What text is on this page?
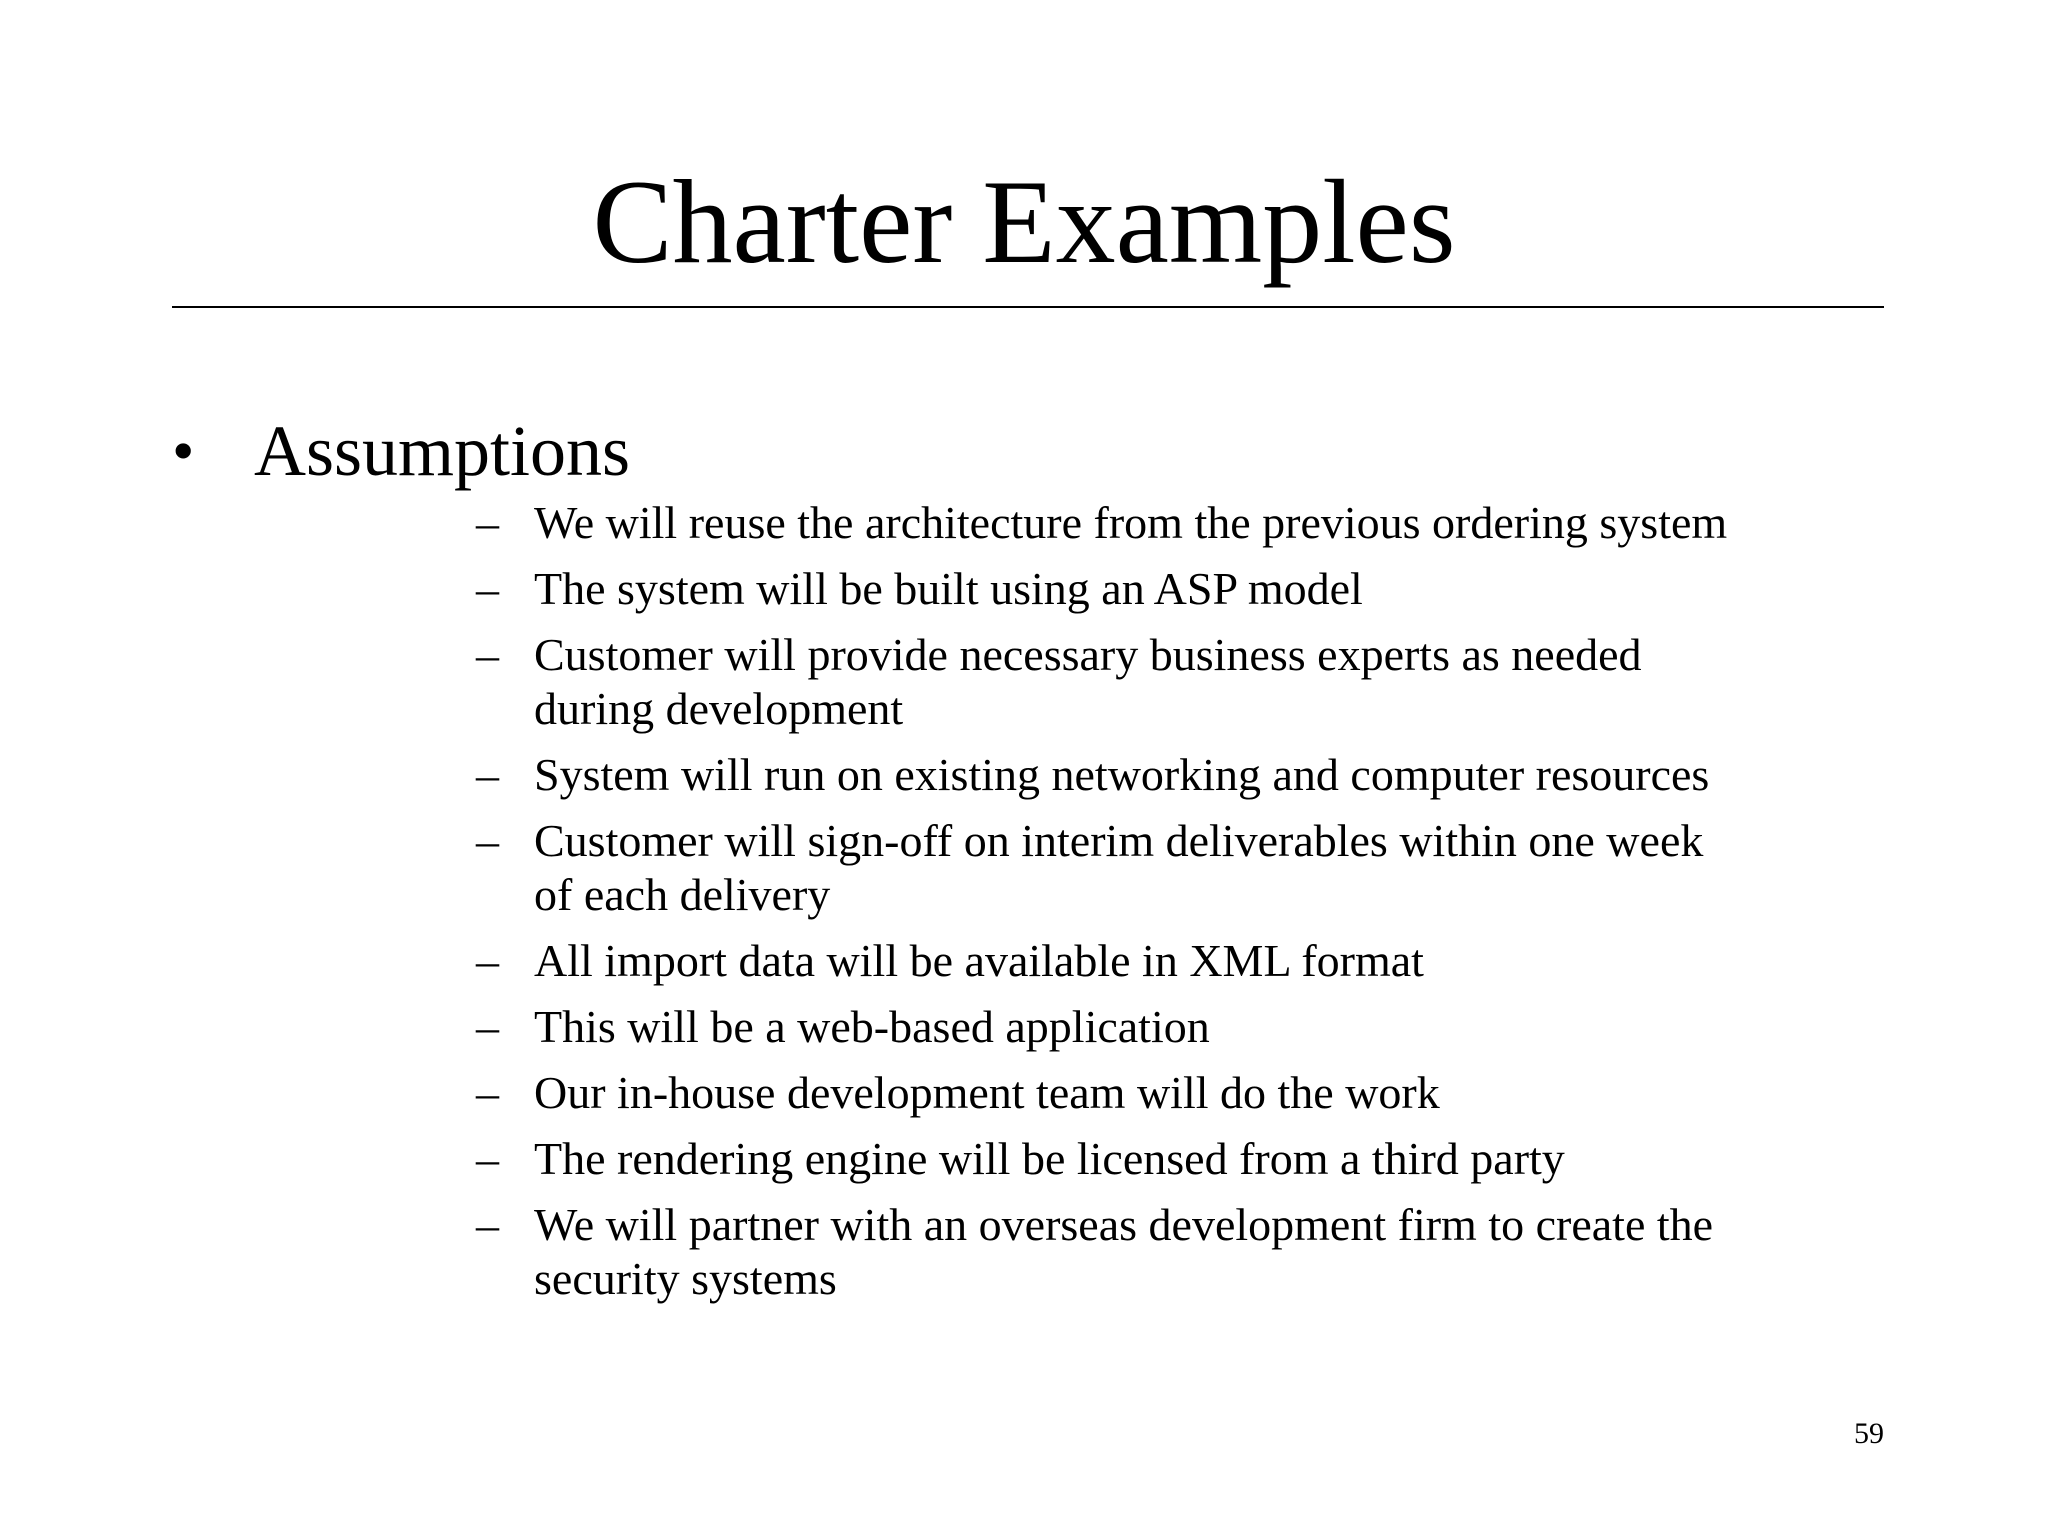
Charter Examples
• Assumptions
– We will reuse the architecture from the previous ordering system
– The system will be built using an ASP model
– Customer will provide necessary business experts as needed
during development
– System will run on existing networking and computer resources
– Customer will sign-off on interim deliverables within one week
of each delivery
– All import data will be available in XML format
– This will be a web-based application
– Our in-house development team will do the work
– The rendering engine will be licensed from a third party
– We will partner with an overseas development firm to create the
security systems
59
